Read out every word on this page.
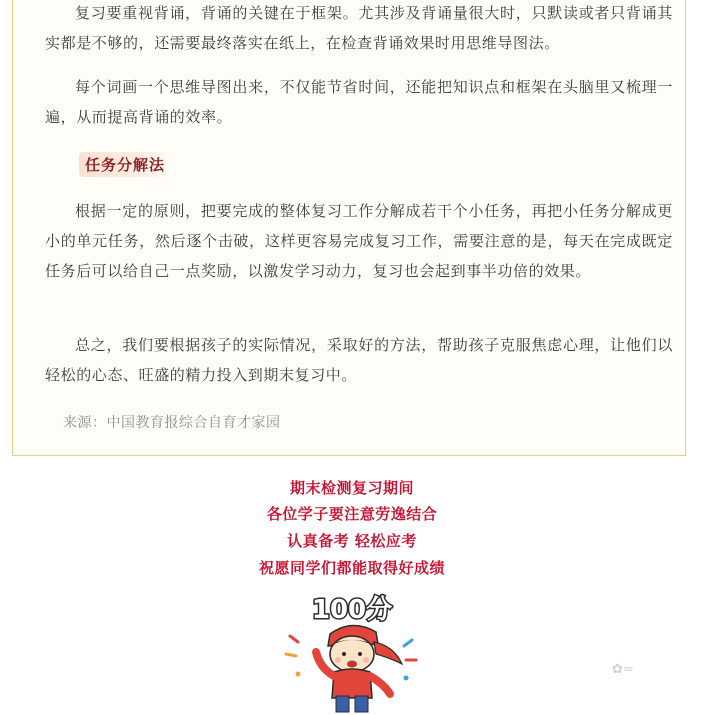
复习要重视背诵，背诵的关键在于框架。尤其涉及背诵量很大时，只默读或者只背诵其实都是不够的，还需要最终落实在纸上，在检查背诵效果时用思维导图法。

每个词画一个思维导图出来，不仅能节省时间，还能把知识点和框架在头脑里又梳理一遍，从而提高背诵的效率。

任务分解法

根据一定的原则，把要完成的整体复习工作分解成若干个小任务，再把小任务分解成更小的单元任务，然后逐个击破，这样更容易完成复习工作，需要注意的是，每天在完成既定任务后可以给自己一点奖励，以激发学习动力，复习也会起到事半功倍的效果。

总之，我们要根据孩子的实际情况，采取好的方法，帮助孩子克服焦虑心理，让他们以轻松的心态、旺盛的精力投入到期末复习中。

来源：中国教育报综合自育才家园
期末检测复习期间
各位学子要注意劳逸结合
认真备考 轻松应考
祝愿同学们都能取得好成绩
100分
✿≈
